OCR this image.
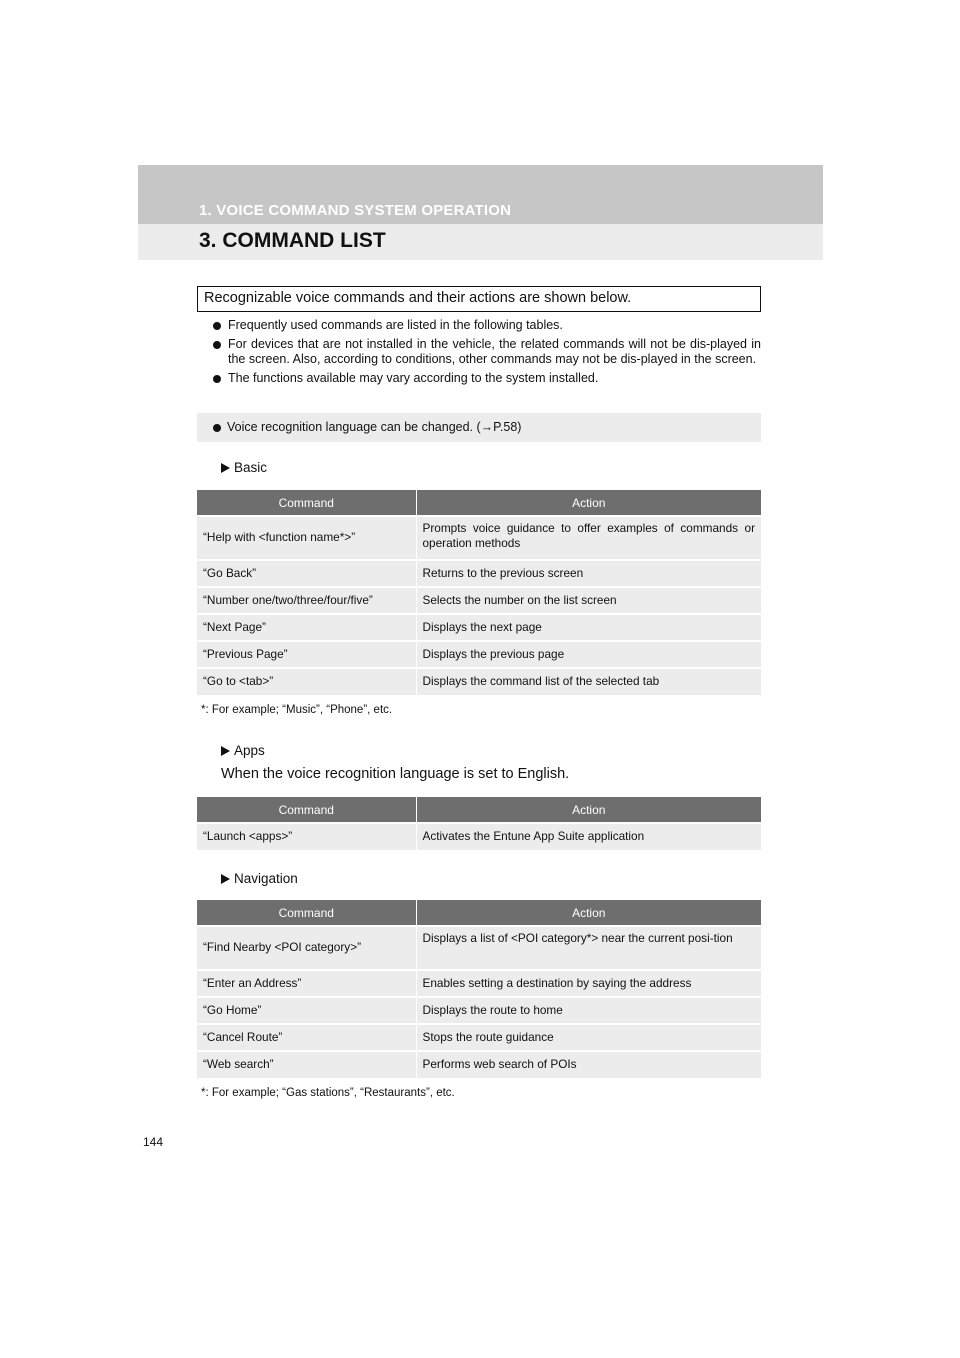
1. VOICE COMMAND SYSTEM OPERATION
3. COMMAND LIST
Recognizable voice commands and their actions are shown below.
Frequently used commands are listed in the following tables.
For devices that are not installed in the vehicle, the related commands will not be dis-played in the screen. Also, according to conditions, other commands may not be dis-played in the screen.
The functions available may vary according to the system installed.
Voice recognition language can be changed. (→P.58)
Basic
Command	Action
“Help with <function name*>”	Prompts voice guidance to offer examples of commands or operation methods
“Go Back”	Returns to the previous screen
“Number one/two/three/four/five”	Selects the number on the list screen
“Next Page”	Displays the next page
“Previous Page”	Displays the previous page
“Go to <tab>”	Displays the command list of the selected tab
*: For example; “Music”, “Phone”, etc.
Apps
When the voice recognition language is set to English.
Command	Action
“Launch <apps>”	Activates the Entune App Suite application
Navigation
Command	Action
“Find Nearby <POI category>”	Displays a list of <POI category*> near the current posi-tion
“Enter an Address”	Enables setting a destination by saying the address
“Go Home”	Displays the route to home
“Cancel Route”	Stops the route guidance
“Web search”	Performs web search of POIs
*: For example; “Gas stations”, “Restaurants”, etc.
144
